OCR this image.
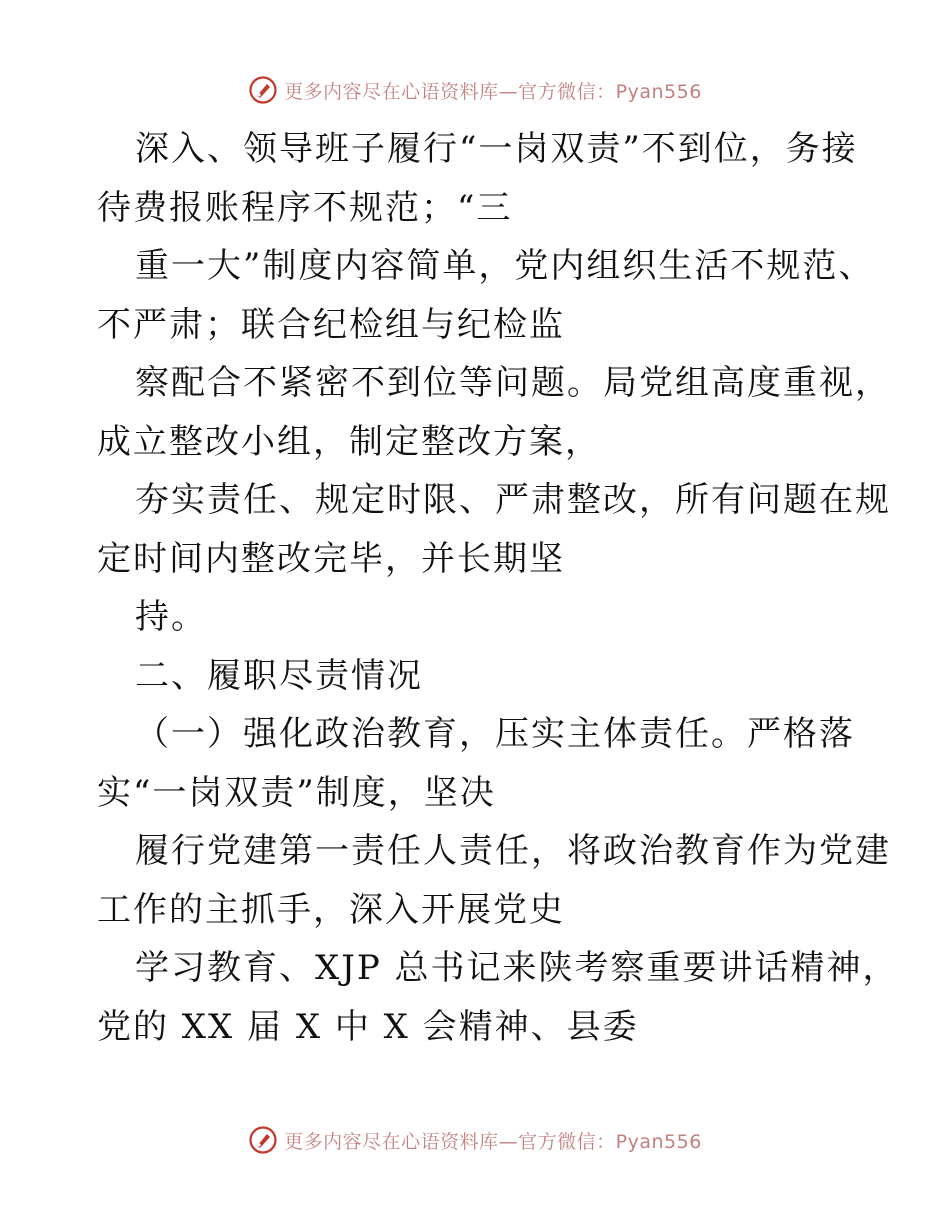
更多内容尽在心语资料库—官方微信：Pyan556
深入、领导班子履行“一岗双责”不到位，务接
待费报账程序不规范；“三
重一大”制度内容简单，党内组织生活不规范、
不严肃；联合纪检组与纪检监
察配合不紧密不到位等问题。局党组高度重视，
成立整改小组，制定整改方案，
夯实责任、规定时限、严肃整改，所有问题在规
定时间内整改完毕，并长期坚
持。
二、履职尽责情况
（一）强化政治教育，压实主体责任。严格落
实“一岗双责”制度，坚决
履行党建第一责任人责任，将政治教育作为党建
工作的主抓手，深入开展党史
学习教育、XJP 总书记来陕考察重要讲话精神，
党的 XX 届 X 中 X 会精神、县委
更多内容尽在心语资料库—官方微信：Pyan556
